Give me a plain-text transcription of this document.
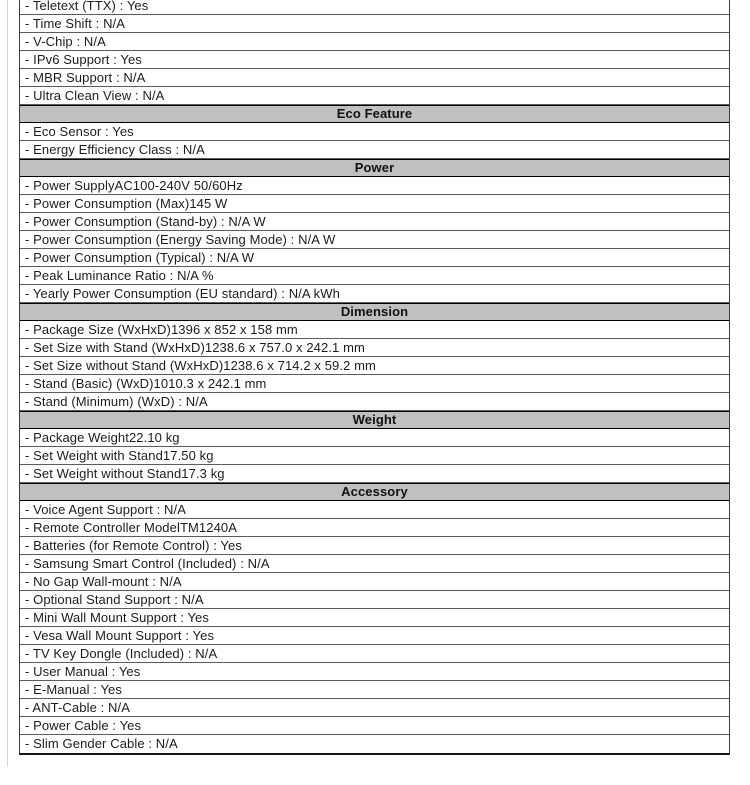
- Teletext (TTX) : Yes
- Time Shift : N/A
- V-Chip : N/A
- IPv6 Support : Yes
- MBR Support : N/A
- Ultra Clean View : N/A
Eco Feature
- Eco Sensor : Yes
- Energy Efficiency Class : N/A
Power
- Power SupplyAC100-240V 50/60Hz
- Power Consumption (Max)145 W
- Power Consumption (Stand-by) : N/A W
- Power Consumption (Energy Saving Mode) : N/A W
- Power Consumption (Typical) : N/A W
- Peak Luminance Ratio : N/A %
- Yearly Power Consumption (EU standard) : N/A kWh
Dimension
- Package Size (WxHxD)1396 x 852 x 158 mm
- Set Size with Stand (WxHxD)1238.6 x 757.0 x 242.1 mm
- Set Size without Stand (WxHxD)1238.6 x 714.2 x 59.2 mm
- Stand (Basic) (WxD)1010.3 x 242.1 mm
- Stand (Minimum) (WxD) : N/A
Weight
- Package Weight22.10 kg
- Set Weight with Stand17.50 kg
- Set Weight without Stand17.3 kg
Accessory
- Voice Agent Support : N/A
- Remote Controller ModelTM1240A
- Batteries (for Remote Control) : Yes
- Samsung Smart Control (Included) : N/A
- No Gap Wall-mount : N/A
- Optional Stand Support : N/A
- Mini Wall Mount Support : Yes
- Vesa Wall Mount Support : Yes
- TV Key Dongle (Included) : N/A
- User Manual : Yes
- E-Manual : Yes
- ANT-Cable : N/A
- Power Cable : Yes
- Slim Gender Cable : N/A
